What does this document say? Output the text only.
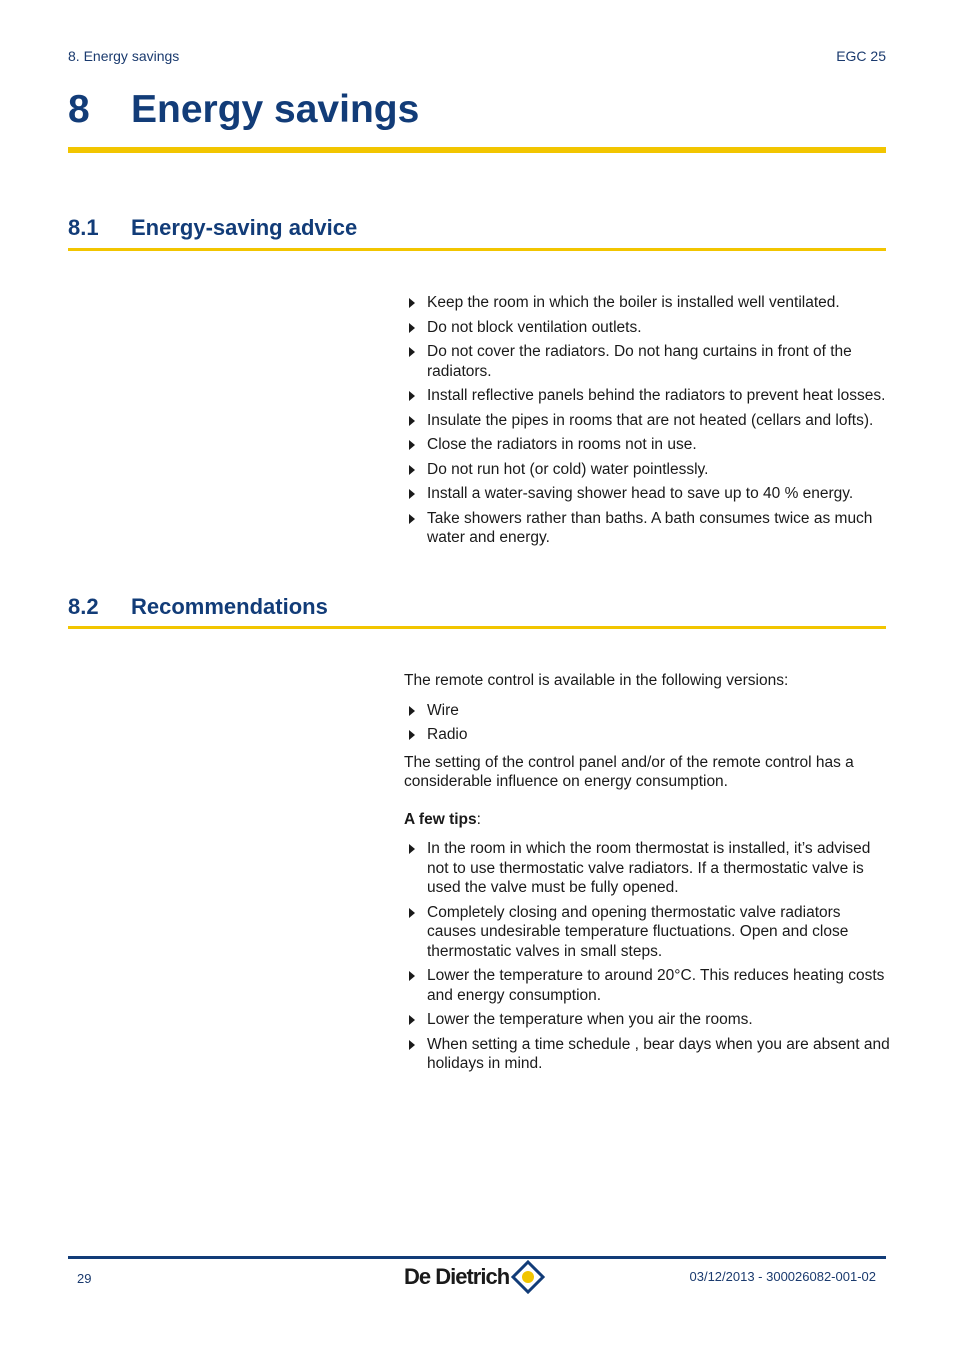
8. Energy savings	EGC 25
8	Energy savings
8.1	Energy-saving advice
Keep the room in which the boiler is installed well ventilated.
Do not block ventilation outlets.
Do not cover the radiators. Do not hang curtains in front of the radiators.
Install reflective panels behind the radiators to prevent heat losses.
Insulate the pipes in rooms that are not heated (cellars and lofts).
Close the radiators in rooms not in use.
Do not run hot (or cold) water pointlessly.
Install a water-saving shower head to save up to 40 % energy.
Take showers rather than baths. A bath consumes twice as much water and energy.
8.2	Recommendations

The remote control is available in the following versions:

Wire
Radio

The setting of the control panel and/or of the remote control has a considerable influence on energy consumption.

A few tips:

In the room in which the room thermostat is installed, it’s advised not to use thermostatic valve radiators. If a thermostatic valve is used the valve must be fully opened.
Completely closing and opening thermostatic valve radiators causes undesirable temperature fluctuations. Open and close thermostatic valves in small steps.
Lower the temperature to around 20°C. This reduces heating costs and energy consumption.
Lower the temperature when you air the rooms.
When setting a time schedule , bear days when you are absent and holidays in mind.
29	De Dietrich	03/12/2013 - 300026082-001-02
